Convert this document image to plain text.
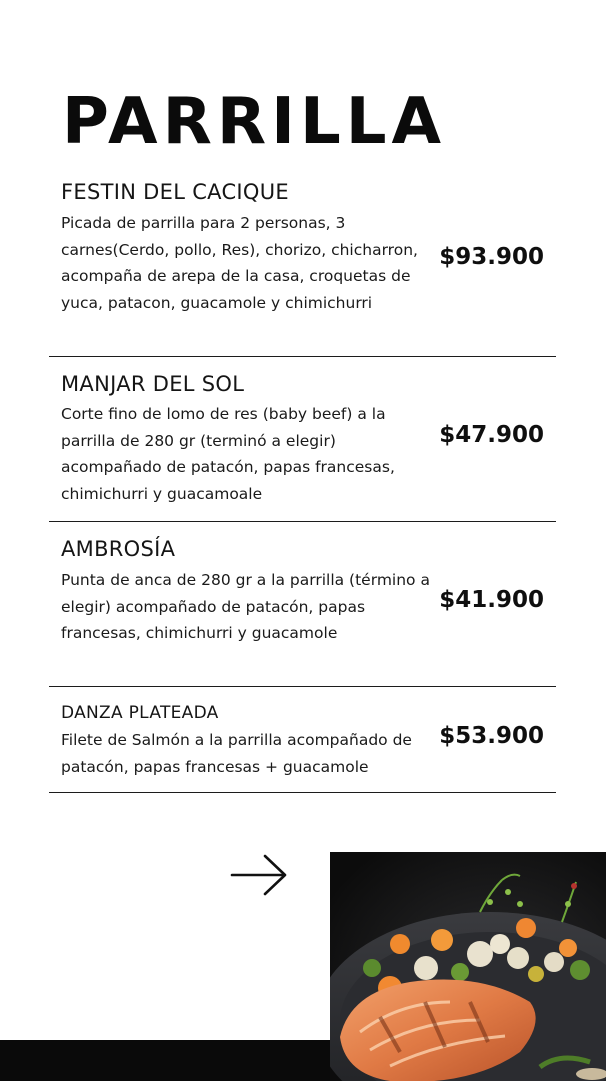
PARRILLA
FESTIN DEL CACIQUE

Picada de parrilla para 2 personas, 3 carnes(Cerdo, pollo, Res), chorizo, chicharron, acompaña de arepa de la casa, croquetas de yuca, patacon, guacamole y chimichurri

$93.900

MANJAR DEL SOL

Corte fino de lomo de res (baby beef) a la parrilla de 280 gr (terminó a elegir) acompañado de patacón, papas francesas, chimichurri y guacamoale

$47.900

AMBROSÍA

Punta de anca de 280 gr a la parrilla (término a elegir) acompañado de patacón, papas francesas, chimichurri y guacamole

$41.900

DANZA PLATEADA

Filete de Salmón a la parrilla acompañado de patacón, papas francesas + guacamole

$53.900
